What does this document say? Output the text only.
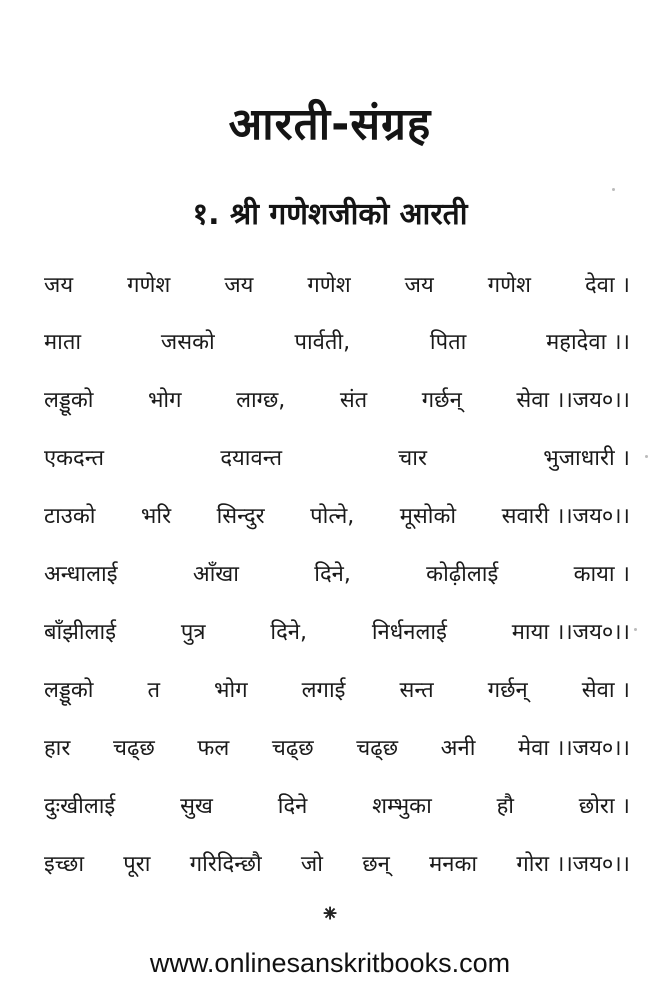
आरती-संग्रह
१. श्री गणेशजीको आरती
जय गणेश जय गणेश जय गणेश देवा ।
माता	जसको	पार्वती,	पिता	महादेवा ।।
लड्डूको भोग लाग्छ, संत गर्छन् सेवा ।।जय०।।
एकदन्त	दयावन्त	चार	भुजाधारी ।
टाउको भरि सिन्दुर पोत्ने, मूसोको सवारी ।।जय०।।
अन्धालाई	आँखा	दिने,	कोढ़ीलाई	काया ।
बाँझीलाई	पुत्र	दिने,	निर्धनलाई	माया ।।जय०।।
लड्डूको त भोग लगाई सन्त गर्छन् सेवा ।
हार चढ्छ फल चढ्छ चढ्छ अनी मेवा ।।जय०।।
दुःखीलाई	सुख	दिने	शम्भुका	हौ	छोरा ।
इच्छा पूरा गरिदिन्छौ जो छन् मनका गोरा ।।जय०।।
⁕
www.onlinesanskritbooks.com
